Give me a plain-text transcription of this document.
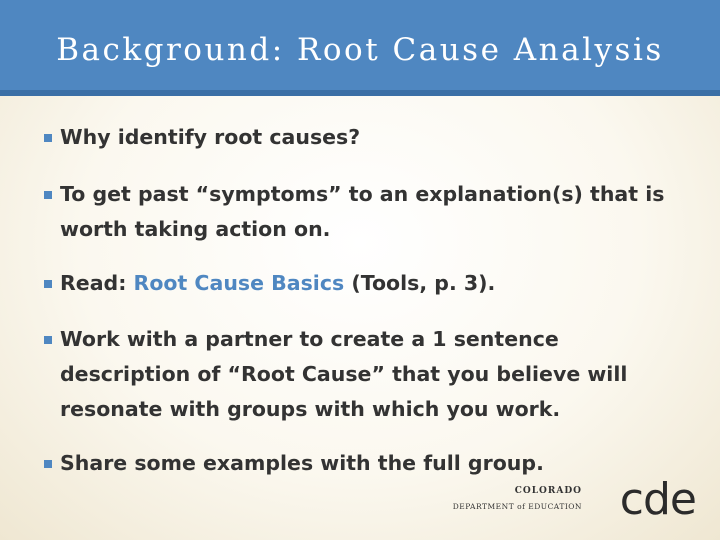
Background: Root Cause Analysis
Why identify root causes?
To get past “symptoms” to an explanation(s) that is worth taking action on.
Read: Root Cause Basics (Tools, p. 3).
Work with a partner to create a 1 sentence description of “Root Cause” that you believe will resonate with groups with which you work.
Share some examples with the full group.
COLORADO
DEPARTMENT of EDUCATION cde
